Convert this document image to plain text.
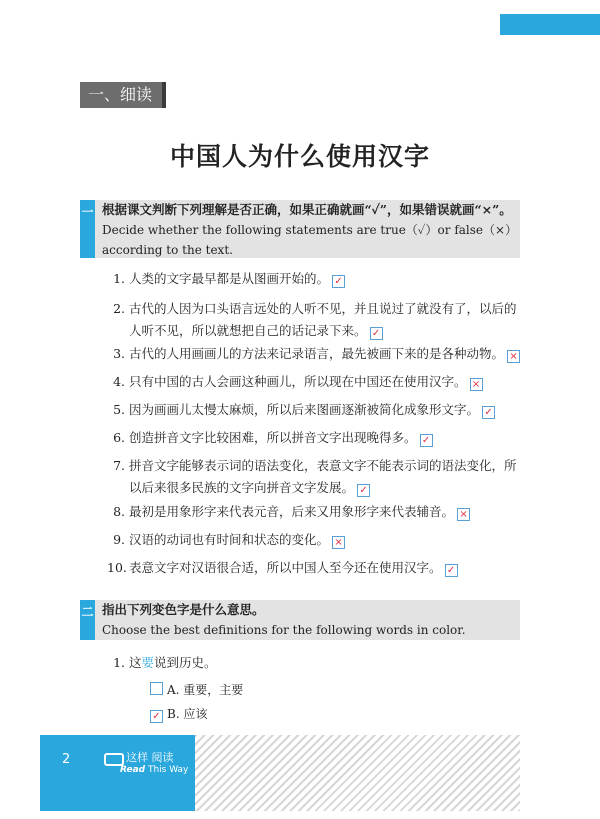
一、细读
中国人为什么使用汉字
一 根据课文判断下列理解是否正确，如果正确就画“✓”，如果错误就画“×”。
Decide whether the following statements are true（✓）or false（×）according to the text.
1. 人类的文字最早都是从图画开始的。 ✓
2. 古代的人因为口头语言远处的人听不见，并且说过了就没有了，以后的人听不见，所以就想把自己的话记录下来。 ✓
3. 古代的人用画画儿的方法来记录语言，最先被画下来的是各种动物。 ×
4. 只有中国的古人会画这种画儿，所以现在中国还在使用汉字。 ×
5. 因为画画儿太慢太麻烦，所以后来图画逐渐被简化成象形文字。 ✓
6. 创造拼音文字比较困难，所以拼音文字出现晚得多。 ✓
7. 拼音文字能够表示词的语法变化，表意文字不能表示词的语法变化，所以后来很多民族的文字向拼音文字发展。 ✓
8. 最初是用象形字来代表元音，后来又用象形字来代表辅音。 ×
9. 汉语的动词也有时间和状态的变化。 ×
10. 表意文字对汉语很合适，所以中国人至今还在使用汉字。 ✓
二 指出下列变色字是什么意思。
Choose the best definitions for the following words in color.
1. 这要说到历史。
A. 重要，主要
✓ B. 应该
2	这样 阅读
Read This Way
